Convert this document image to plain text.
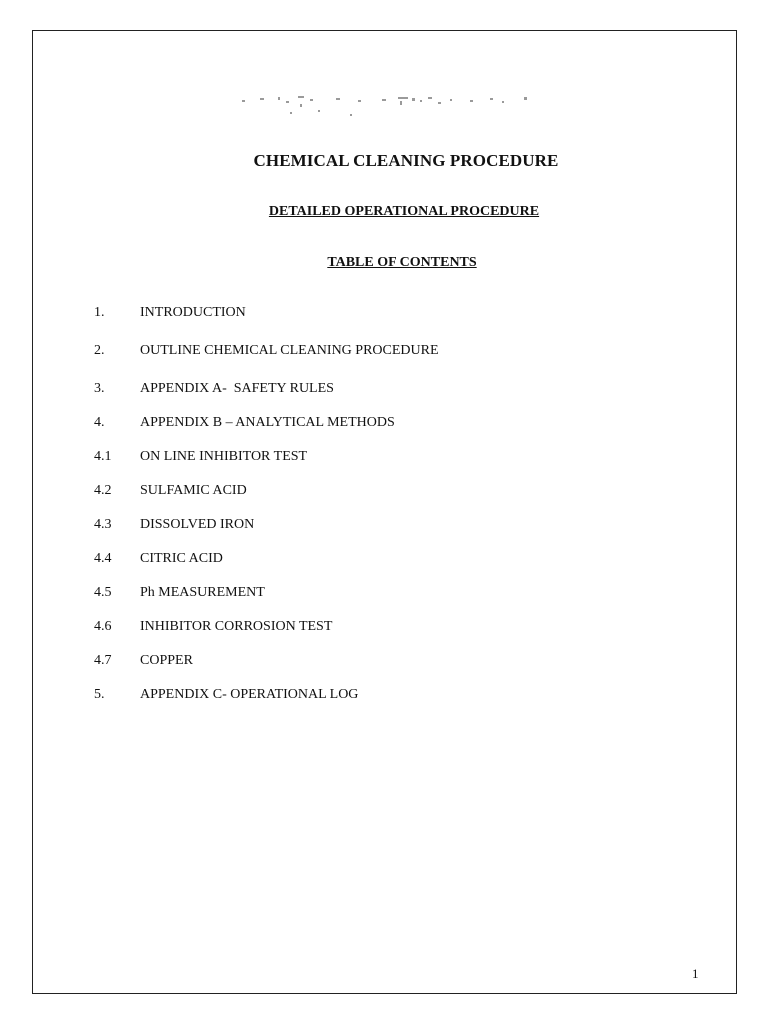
CHEMICAL CLEANING PROCEDURE
DETAILED OPERATIONAL PROCEDURE
TABLE OF CONTENTS
1.	INTRODUCTION
2.	OUTLINE CHEMICAL CLEANING PROCEDURE
3.	APPENDIX A-  SAFETY RULES
4.	APPENDIX B – ANALYTICAL METHODS
4.1 ON LINE INHIBITOR TEST
4.2 SULFAMIC ACID
4.3 DISSOLVED IRON
4.4 CITRIC ACID
4.5 Ph MEASUREMENT
4.6 INHIBITOR CORROSION TEST
4.7 COPPER
5.	APPENDIX C- OPERATIONAL LOG
1
